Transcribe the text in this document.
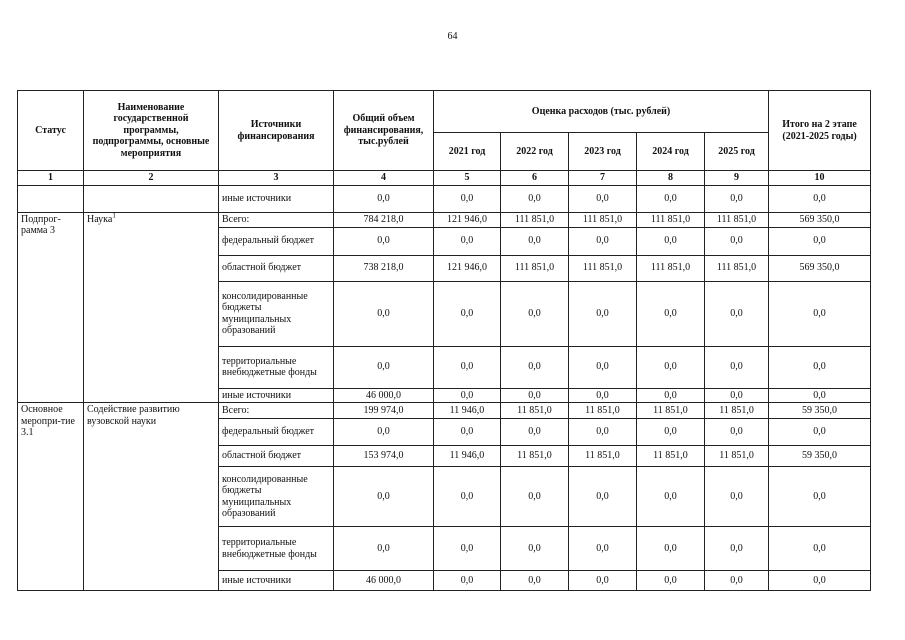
64
Статус	Наименование государственной программы, подпрограммы, основные мероприятия	Источники финансирования	Общий объем финансирования, тыс.рублей	Оценка расходов (тыс. рублей)					Итого на 2 этапе (2021-2025 годы)
				2021 год	2022 год	2023 год	2024 год	2025 год	
1	2	3	4	5	6	7	8	9	10
		иные источники	0,0	0,0	0,0	0,0	0,0	0,0	0,0
Подпрог-рамма 3	Наука$^1$	Всего:	784 218,0	121 946,0	111 851,0	111 851,0	111 851,0	111 851,0	569 350,0
		федеральный бюджет	0,0	0,0	0,0	0,0	0,0	0,0	0,0
		областной бюджет	738 218,0	121 946,0	111 851,0	111 851,0	111 851,0	111 851,0	569 350,0
		консолидированные бюджеты муниципальных образований	0,0	0,0	0,0	0,0	0,0	0,0	0,0
		территориальные внебюджетные фонды	0,0	0,0	0,0	0,0	0,0	0,0	0,0
		иные источники	46 000,0	0,0	0,0	0,0	0,0	0,0	0,0
Основное меропри-тие 3.1	Содействие развитию вузовской науки	Всего:	199 974,0	11 946,0	11 851,0	11 851,0	11 851,0	11 851,0	59 350,0
		федеральный бюджет	0,0	0,0	0,0	0,0	0,0	0,0	0,0
		областной бюджет	153 974,0	11 946,0	11 851,0	11 851,0	11 851,0	11 851,0	59 350,0
		консолидированные бюджеты муниципальных образований	0,0	0,0	0,0	0,0	0,0	0,0	0,0
		территориальные внебюджетные фонды	0,0	0,0	0,0	0,0	0,0	0,0	0,0
		иные источники	46 000,0	0,0	0,0	0,0	0,0	0,0	0,0
